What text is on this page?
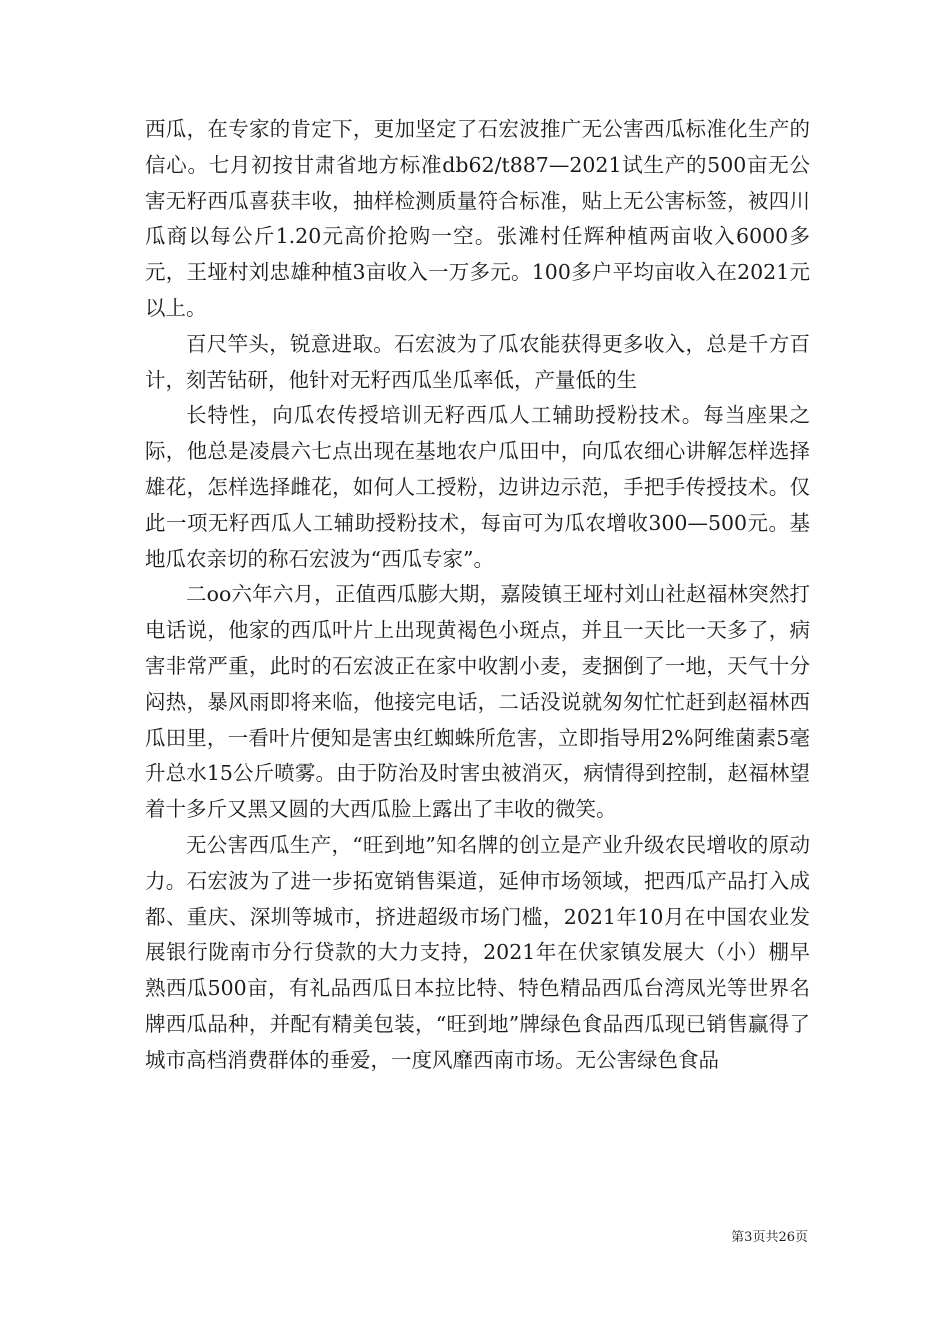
西瓜，在专家的肯定下，更加坚定了石宏波推广无公害西瓜标准化生产的信心。七月初按甘肃省地方标准db62/t887—2021试生产的500亩无公害无籽西瓜喜获丰收，抽样检测质量符合标准，贴上无公害标签，被四川瓜商以每公斤1.20元高价抢购一空。张滩村任辉种植两亩收入6000多元，王垭村刘忠雄种植3亩收入一万多元。100多户平均亩收入在2021元以上。

百尺竿头，锐意进取。石宏波为了瓜农能获得更多收入，总是千方百计，刻苦钻研，他针对无籽西瓜坐瓜率低，产量低的生

长特性，向瓜农传授培训无籽西瓜人工辅助授粉技术。每当座果之际，他总是凌晨六七点出现在基地农户瓜田中，向瓜农细心讲解怎样选择雄花，怎样选择雌花，如何人工授粉，边讲边示范，手把手传授技术。仅此一项无籽西瓜人工辅助授粉技术，每亩可为瓜农增收300—500元。基地瓜农亲切的称石宏波为“西瓜专家”。

二oo六年六月，正值西瓜膨大期，嘉陵镇王垭村刘山社赵福林突然打电话说，他家的西瓜叶片上出现黄褐色小斑点，并且一天比一天多了，病害非常严重，此时的石宏波正在家中收割小麦，麦捆倒了一地，天气十分闷热，暴风雨即将来临，他接完电话，二话没说就匆匆忙忙赶到赵福林西瓜田里，一看叶片便知是害虫红蜘蛛所危害，立即指导用2%阿维菌素5毫升总水15公斤喷雾。由于防治及时害虫被消灭，病情得到控制，赵福林望着十多斤又黑又圆的大西瓜脸上露出了丰收的微笑。

无公害西瓜生产，“旺到地”知名牌的创立是产业升级农民增收的原动力。石宏波为了进一步拓宽销售渠道，延伸市场领域，把西瓜产品打入成都、重庆、深圳等城市，挤进超级市场门槛，2021年10月在中国农业发展银行陇南市分行贷款的大力支持，2021年在伏家镇发展大（小）棚早熟西瓜500亩，有礼品西瓜日本拉比特、特色精品西瓜台湾凤光等世界名牌西瓜品种，并配有精美包装，“旺到地”牌绿色食品西瓜现已销售赢得了城市高档消费群体的垂爱，一度风靡西南市场。无公害绿色食品

第3页共26页
